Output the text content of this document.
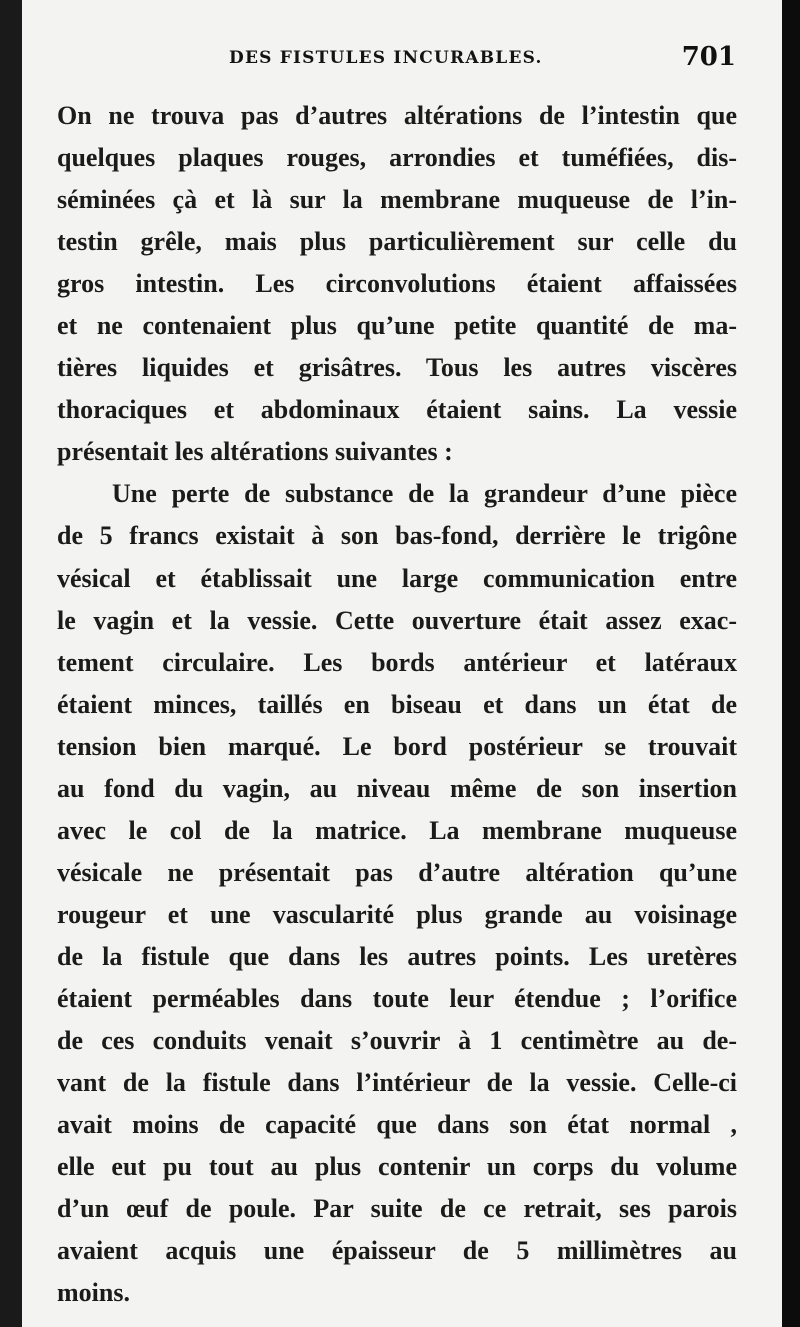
DES FISTULES INCURABLES.	701
On ne trouva pas d’autres altérations de l’intestin que
quelques plaques rouges, arrondies et tuméfiées, dis-
séminées çà et là sur la membrane muqueuse de l’in-
testin grêle, mais plus particulièrement sur celle du
gros intestin. Les circonvolutions étaient affaissées
et ne contenaient plus qu’une petite quantité de ma-
tières liquides et grisâtres. Tous les autres viscères
thoraciques et abdominaux étaient sains. La vessie
présentait les altérations suivantes :
Une perte de substance de la grandeur d’une pièce
de 5 francs existait à son bas-fond, derrière le trigône
vésical et établissait une large communication entre
le vagin et la vessie. Cette ouverture était assez exac-
tement circulaire. Les bords antérieur et latéraux
étaient minces, taillés en biseau et dans un état de
tension bien marqué. Le bord postérieur se trouvait
au fond du vagin, au niveau même de son insertion
avec le col de la matrice. La membrane muqueuse
vésicale ne présentait pas d’autre altération qu’une
rougeur et une vascularité plus grande au voisinage
de la fistule que dans les autres points. Les uretères
étaient perméables dans toute leur étendue ; l’orifice
de ces conduits venait s’ouvrir à 1 centimètre au de-
vant de la fistule dans l’intérieur de la vessie. Celle-ci
avait moins de capacité que dans son état normal ,
elle eut pu tout au plus contenir un corps du volume
d’un œuf de poule. Par suite de ce retrait, ses parois
avaient acquis une épaisseur de 5 millimètres au
moins.
